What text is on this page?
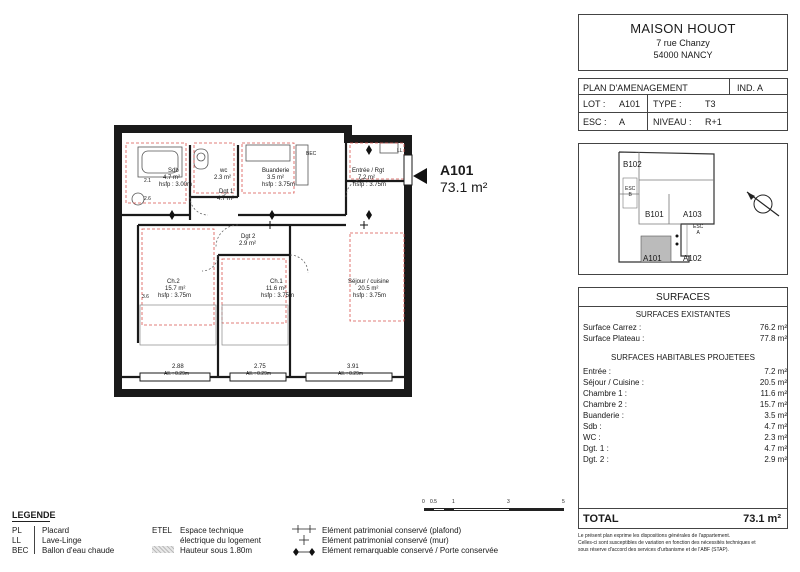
MAISON HOUOT
7 rue Chanzy
54000 NANCY
PLAN D'AMENAGEMENT	IND. A
LOT : A101 TYPE :	T3
ESC : A	NIVEAU : R+1
B102
B101 A103
A101	A102
ESC
B
ESC
A
SURFACES
SURFACES EXISTANTES
Surface Carrez :	76.2 m²
Surface Plateau :	77.8 m²
SURFACES HABITABLES PROJETEES
Entrée :	7.2 m²
Séjour / Cuisine :	20.5 m²
Chambre 1 :	11.6 m²
Chambre 2 :	15.7 m²
Buanderie :	3.5 m²
Sdb :	4.7 m²
WC :	2.3 m²
Dgt. 1 :	4.7 m²
Dgt. 2 :	2.9 m²
TOTAL	73.1 m²
Le présent plan exprime les dispositions générales de l'appartement.
Celles-ci sont susceptibles de variation en fonction des nécessités techniques et
sous réserve d'accord des services d'urbanisme et de l'ABF (STAP).
PL
LL
BEC
ETEL
2.1
2.6
3.6
Sdb
4.7 m²
hsfp : 3.00m
wc
2.3 m²
Buanderie
3.5 m²
hsfp : 3.75m
Entrée / Rgt
7.2 m²
hsfp : 3.75m
Dgt 1
4.7 m²
Dgt 2
2.9 m²
Ch.2
15.7 m²
hsfp : 3.75m
Ch.1
11.6 m²
hsfp : 3.75m
Séjour / cuisine
20.5 m²
hsfp : 3.75m
2.88
All. : 0.29m
2.75
All. : 0.29m
3.91
All. : 0.29m
A101
73.1 m²
0 0.5	1	3	5
LEGENDE
PL	Placard
LL	Lave-Linge
BEC Ballon d'eau chaude
ETEL Espace technique
électrique du logement
Hauteur sous 1.80m
Elément patrimonial conservé (plafond)
Elément patrimonial conservé (mur)
Elément remarquable conservé / Porte conservée
